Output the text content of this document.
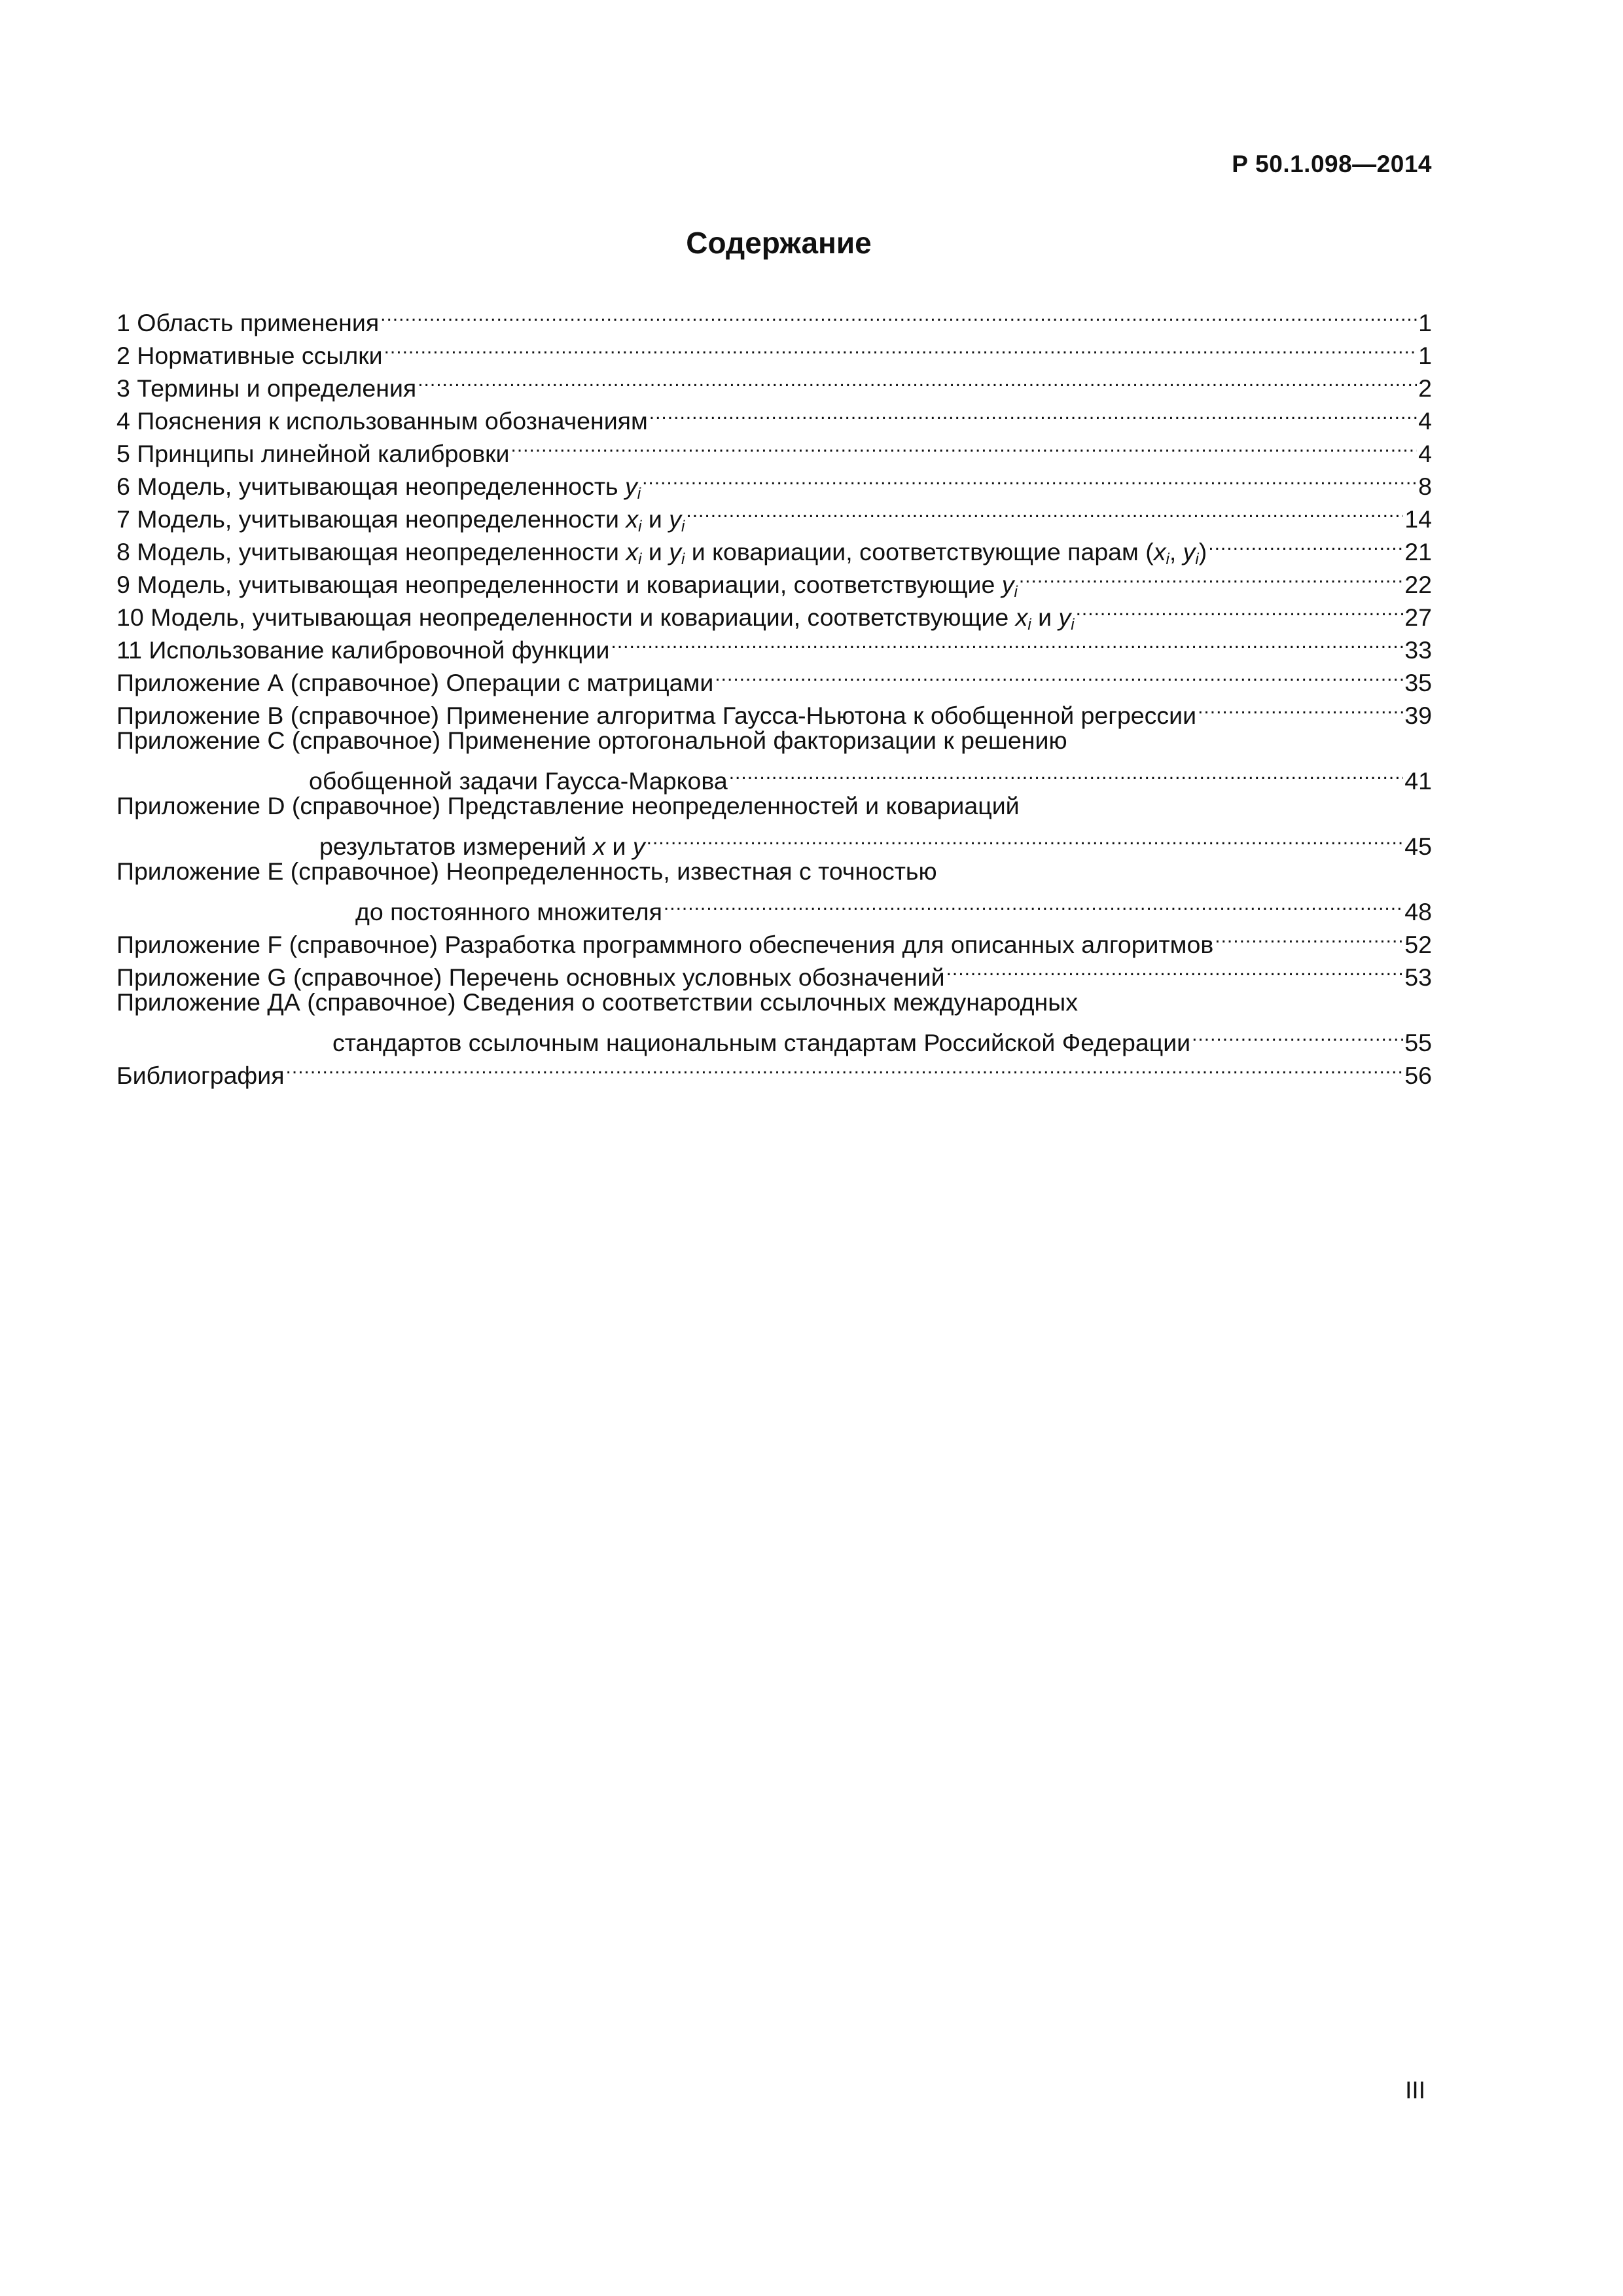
Р 50.1.098—2014
Содержание
1 Область применения .....	1
2 Нормативные ссылки .....	1
3 Термины и определения .....	2
4 Пояснения к использованным обозначениям .....	4
5 Принципы линейной калибровки .....	4
6 Модель, учитывающая неопределенность $y_i$ .....	8
7 Модель, учитывающая неопределенности $x_i$ и $y_i$ .....	14
8 Модель, учитывающая неопределенности $x_i$ и $y_i$ и ковариации, соответствующие парам ($x_i$, $y_i$) .....	21
9 Модель, учитывающая неопределенности и ковариации, соответствующие $y_i$ .....	22
10 Модель, учитывающая неопределенности и ковариации, соответствующие $x_i$ и $y_i$ .....	27
11 Использование калибровочной функции .....	33
Приложение А (справочное) Операции с матрицами .....	35
Приложение В (справочное) Применение алгоритма Гаусса-Ньютона к обобщенной регрессии .....	39
Приложение С (справочное) Применение ортогональной факторизации к решению
обобщенной задачи Гаусса-Маркова .....	41
Приложение D (справочное) Представление неопределенностей и ковариаций
результатов измерений x и y .....	45
Приложение Е (справочное) Неопределенность, известная с точностью
до постоянного множителя .....	48
Приложение F (справочное) Разработка программного обеспечения для описанных алгоритмов .....	52
Приложение G (справочное) Перечень основных условных обозначений .....	53
Приложение ДА (справочное) Сведения о соответствии ссылочных международных
стандартов ссылочным национальным стандартам Российской Федерации .....	55
Библиография .....	56
III
